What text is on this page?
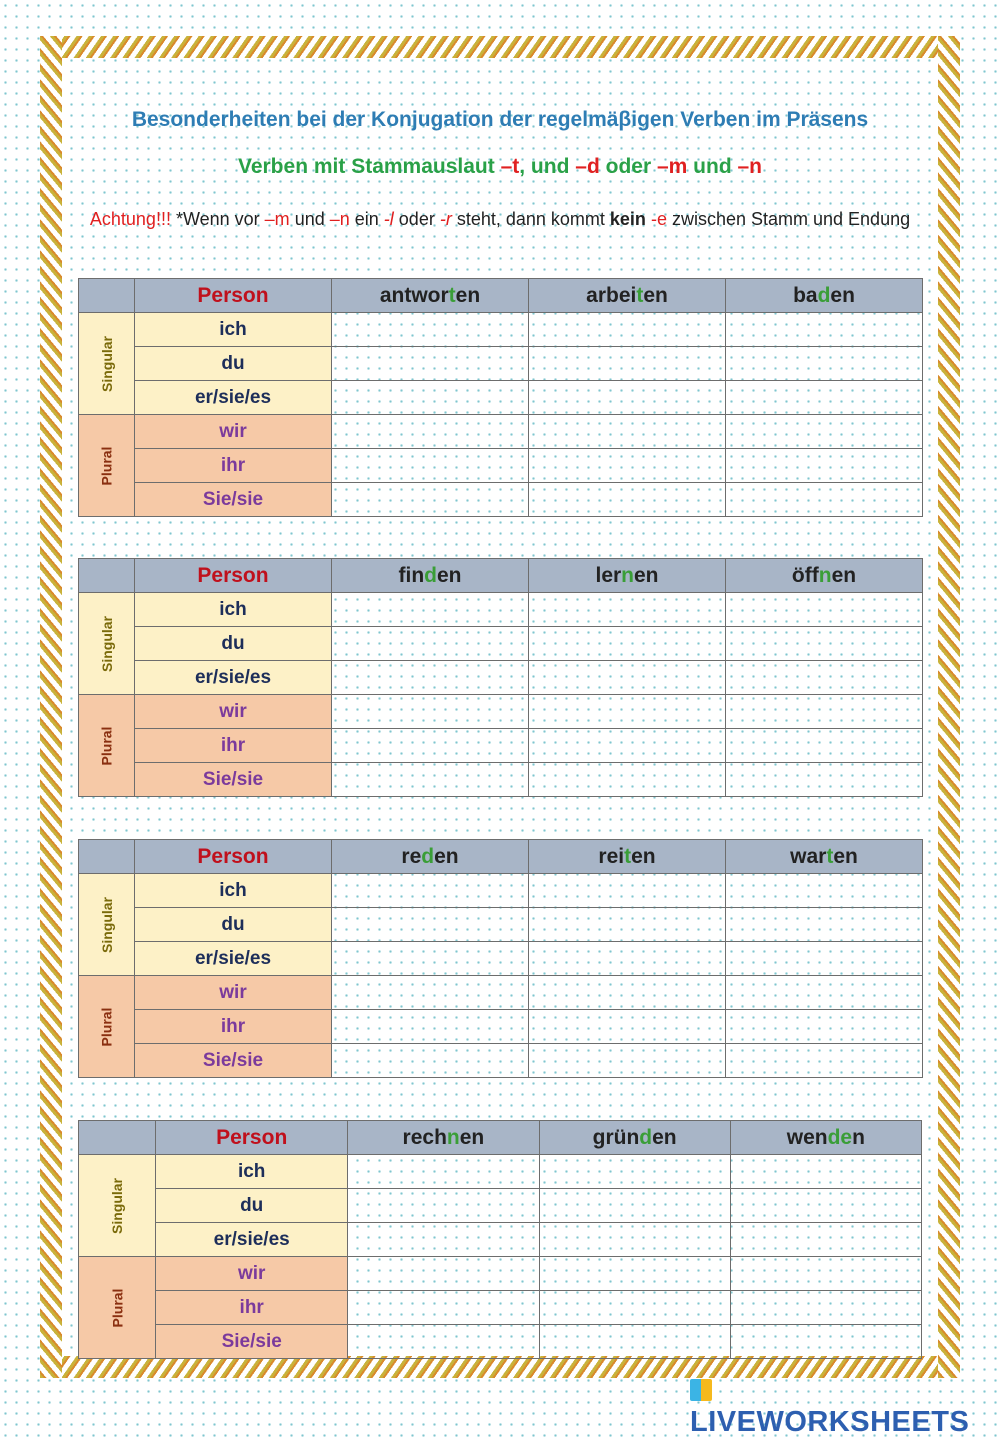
Besonderheiten bei der Konjugation der regelmäβigen Verben im Präsens
Verben mit Stammauslaut –t, und –d oder –m und –n
Achtung!!! *Wenn vor –m und –n ein -l oder -r steht, dann kommt kein -e zwischen Stamm und Endung
	Person	antworten	arbeiten	baden
Singular	ich			
	du			
	er/sie/es			
Plural	wir			
	ihr			
	Sie/sie			
	Person	finden	lernen	öffnen
Singular	ich			
	du			
	er/sie/es			
Plural	wir			
	ihr			
	Sie/sie			
	Person	reden	reiten	warten
Singular	ich			
	du			
	er/sie/es			
Plural	wir			
	ihr			
	Sie/sie			
	Person	rechnen	gründen	wenden
Singular	ich			
	du			
	er/sie/es			
Plural	wir			
	ihr			
	Sie/sie			
LIVEWORKSHEETS
